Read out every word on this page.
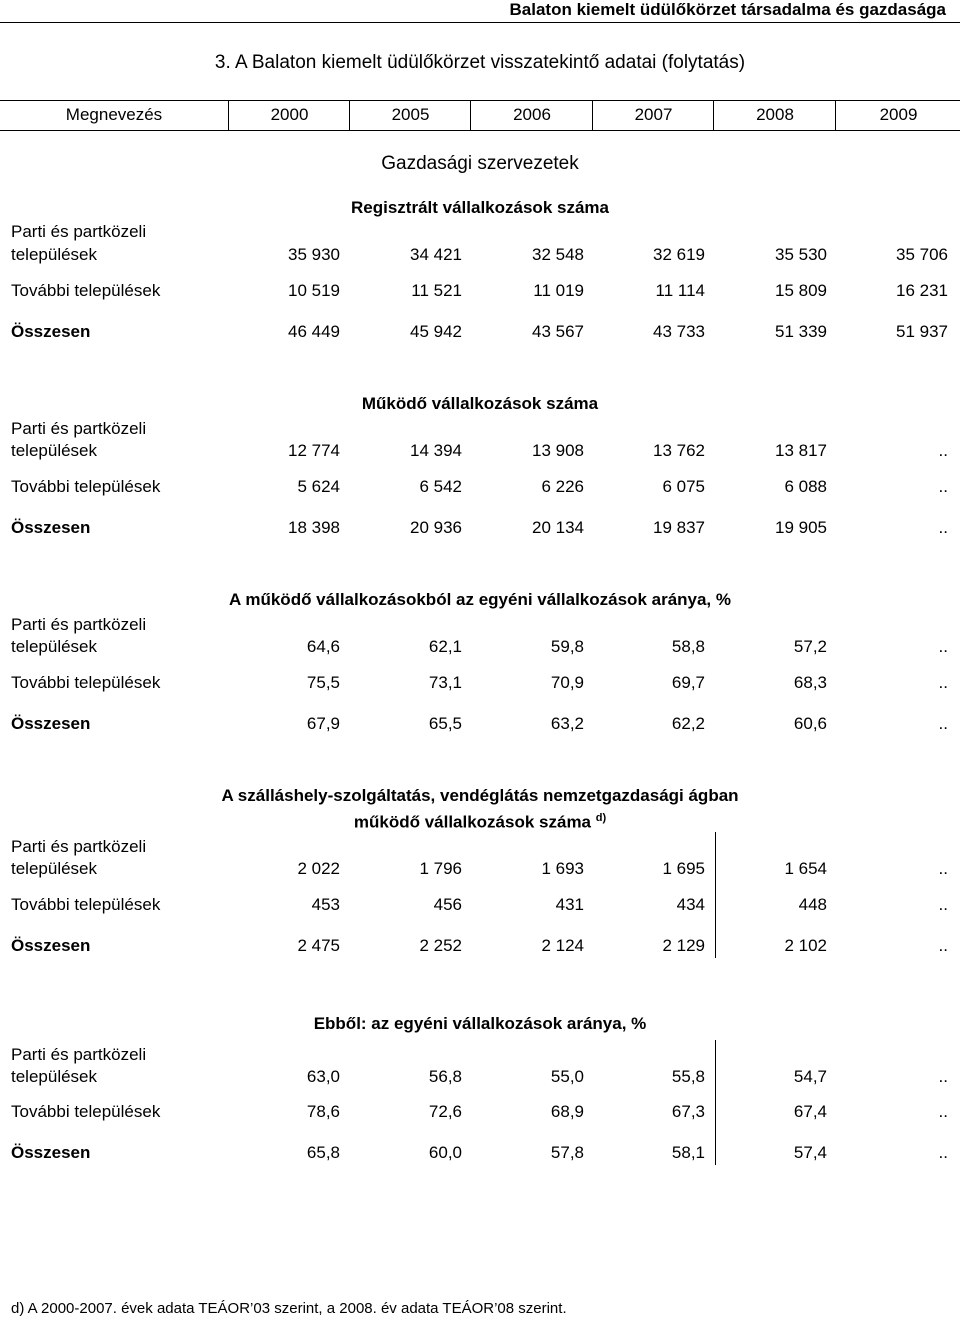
Balaton kiemelt üdülőkörzet társadalma és gazdasága
3. A Balaton kiemelt üdülőkörzet visszatekintő adatai (folytatás)
Megnevezés	2000	2005	2006	2007	2008	2009
Gazdasági szervezetek
Regisztrált vállalkozások száma
Parti és partközeli
települések	35 930	34 421	32 548	32 619	35 530	35 706
További települések	10 519	11 521	11 019	11 114	15 809	16 231
Összesen	46 449	45 942	43 567	43 733	51 339	51 937
Működő vállalkozások száma
Parti és partközeli
települések	12 774	14 394	13 908	13 762	13 817	..
További települések	5 624	6 542	6 226	6 075	6 088	..
Összesen	18 398	20 936	20 134	19 837	19 905	..
A működő vállalkozásokból az egyéni vállalkozások aránya, %
Parti és partközeli
települések	64,6	62,1	59,8	58,8	57,2	..
További települések	75,5	73,1	70,9	69,7	68,3	..
Összesen	67,9	65,5	63,2	62,2	60,6	..
A szálláshely-szolgáltatás, vendéglátás nemzetgazdasági ágban
működő vállalkozások száma $^{d)}$
Parti és partközeli
települések	2 022	1 796	1 693	1 695	1 654	..
További települések	453	456	431	434	448	..
Összesen	2 475	2 252	2 124	2 129	2 102	..
Ebből: az egyéni vállalkozások aránya, %
Parti és partközeli
települések	63,0	56,8	55,0	55,8	54,7	..
További települések	78,6	72,6	68,9	67,3	67,4	..
Összesen	65,8	60,0	57,8	58,1	57,4	..
d) A 2000-2007. évek adata TEÁOR’03 szerint, a 2008. év adata TEÁOR’08 szerint.
